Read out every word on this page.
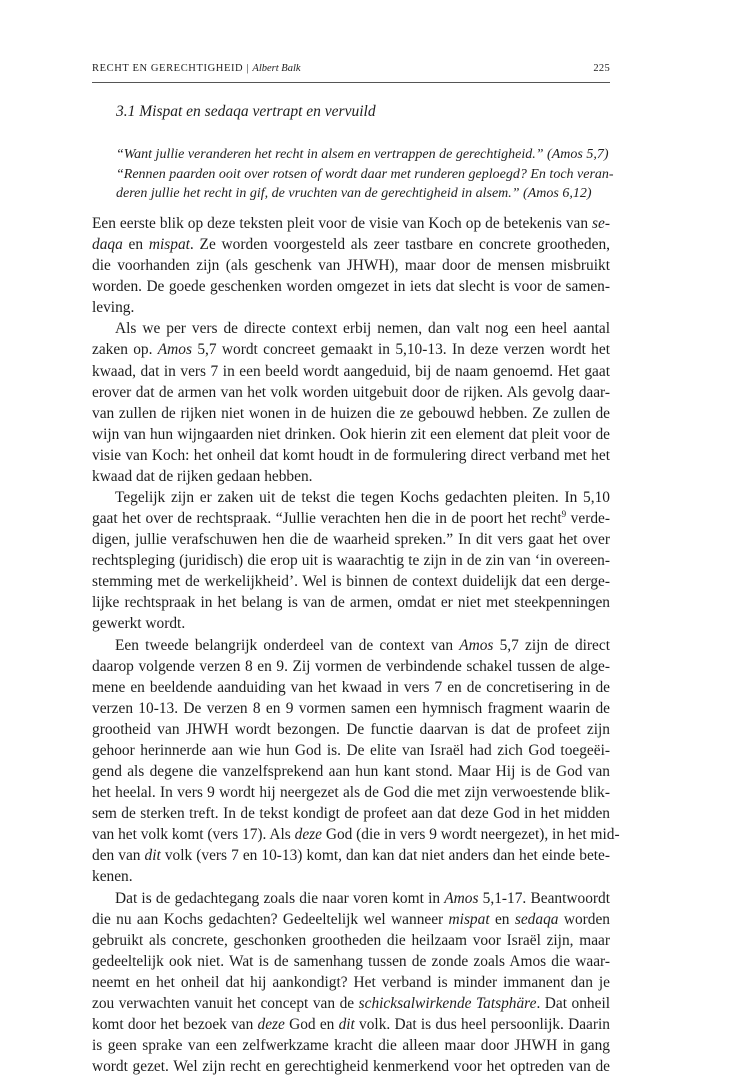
RECHT EN GERECHTIGHEID | Albert Balk	225
3.1 Mispat en sedaqa vertrapt en vervuild
“Want jullie veranderen het recht in alsem en vertrappen de gerechtigheid.” (Amos 5,7)
“Rennen paarden ooit over rotsen of wordt daar met runderen geploegd? En toch veran-
deren jullie het recht in gif, de vruchten van de gerechtigheid in alsem.” (Amos 6,12)
Een eerste blik op deze teksten pleit voor de visie van Koch op de betekenis van se-
daqa en mispat. Ze worden voorgesteld als zeer tastbare en concrete grootheden,
die voorhanden zijn (als geschenk van JHWH), maar door de mensen misbruikt
worden. De goede geschenken worden omgezet in iets dat slecht is voor de samen-
leving.
Als we per vers de directe context erbij nemen, dan valt nog een heel aantal
zaken op. Amos 5,7 wordt concreet gemaakt in 5,10-13. In deze verzen wordt het
kwaad, dat in vers 7 in een beeld wordt aangeduid, bij de naam genoemd. Het gaat
erover dat de armen van het volk worden uitgebuit door de rijken. Als gevolg daar-
van zullen de rijken niet wonen in de huizen die ze gebouwd hebben. Ze zullen de
wijn van hun wijngaarden niet drinken. Ook hierin zit een element dat pleit voor de
visie van Koch: het onheil dat komt houdt in de formulering direct verband met het
kwaad dat de rijken gedaan hebben.
Tegelijk zijn er zaken uit de tekst die tegen Kochs gedachten pleiten. In 5,10
gaat het over de rechtspraak. “Jullie verachten hen die in de poort het recht$^9$ verde-
digen, jullie verafschuwen hen die de waarheid spreken.” In dit vers gaat het over
rechtspleging (juridisch) die erop uit is waarachtig te zijn in de zin van ‘in overeen-
stemming met de werkelijkheid’. Wel is binnen de context duidelijk dat een derge-
lijke rechtspraak in het belang is van de armen, omdat er niet met steekpenningen
gewerkt wordt.
Een tweede belangrijk onderdeel van de context van Amos 5,7 zijn de direct
daarop volgende verzen 8 en 9. Zij vormen de verbindende schakel tussen de alge-
mene en beeldende aanduiding van het kwaad in vers 7 en de concretisering in de
verzen 10-13. De verzen 8 en 9 vormen samen een hymnisch fragment waarin de
grootheid van JHWH wordt bezongen. De functie daarvan is dat de profeet zijn
gehoor herinnerde aan wie hun God is. De elite van Israël had zich God toegeëi-
gend als degene die vanzelfsprekend aan hun kant stond. Maar Hij is de God van
het heelal. In vers 9 wordt hij neergezet als de God die met zijn verwoestende blik-
sem de sterken treft. In de tekst kondigt de profeet aan dat deze God in het midden
van het volk komt (vers 17). Als deze God (die in vers 9 wordt neergezet), in het mid-
den van dit volk (vers 7 en 10-13) komt, dan kan dat niet anders dan het einde bete-
kenen.
Dat is de gedachtegang zoals die naar voren komt in Amos 5,1-17. Beantwoordt
die nu aan Kochs gedachten? Gedeeltelijk wel wanneer mispat en sedaqa worden
gebruikt als concrete, geschonken grootheden die heilzaam voor Israël zijn, maar
gedeeltelijk ook niet. Wat is de samenhang tussen de zonde zoals Amos die waar-
neemt en het onheil dat hij aankondigt? Het verband is minder immanent dan je
zou verwachten vanuit het concept van de schicksalwirkende Tatsphäre. Dat onheil
komt door het bezoek van deze God en dit volk. Dat is dus heel persoonlijk. Daarin
is geen sprake van een zelfwerkzame kracht die alleen maar door JHWH in gang
wordt gezet. Wel zijn recht en gerechtigheid kenmerkend voor het optreden van de
